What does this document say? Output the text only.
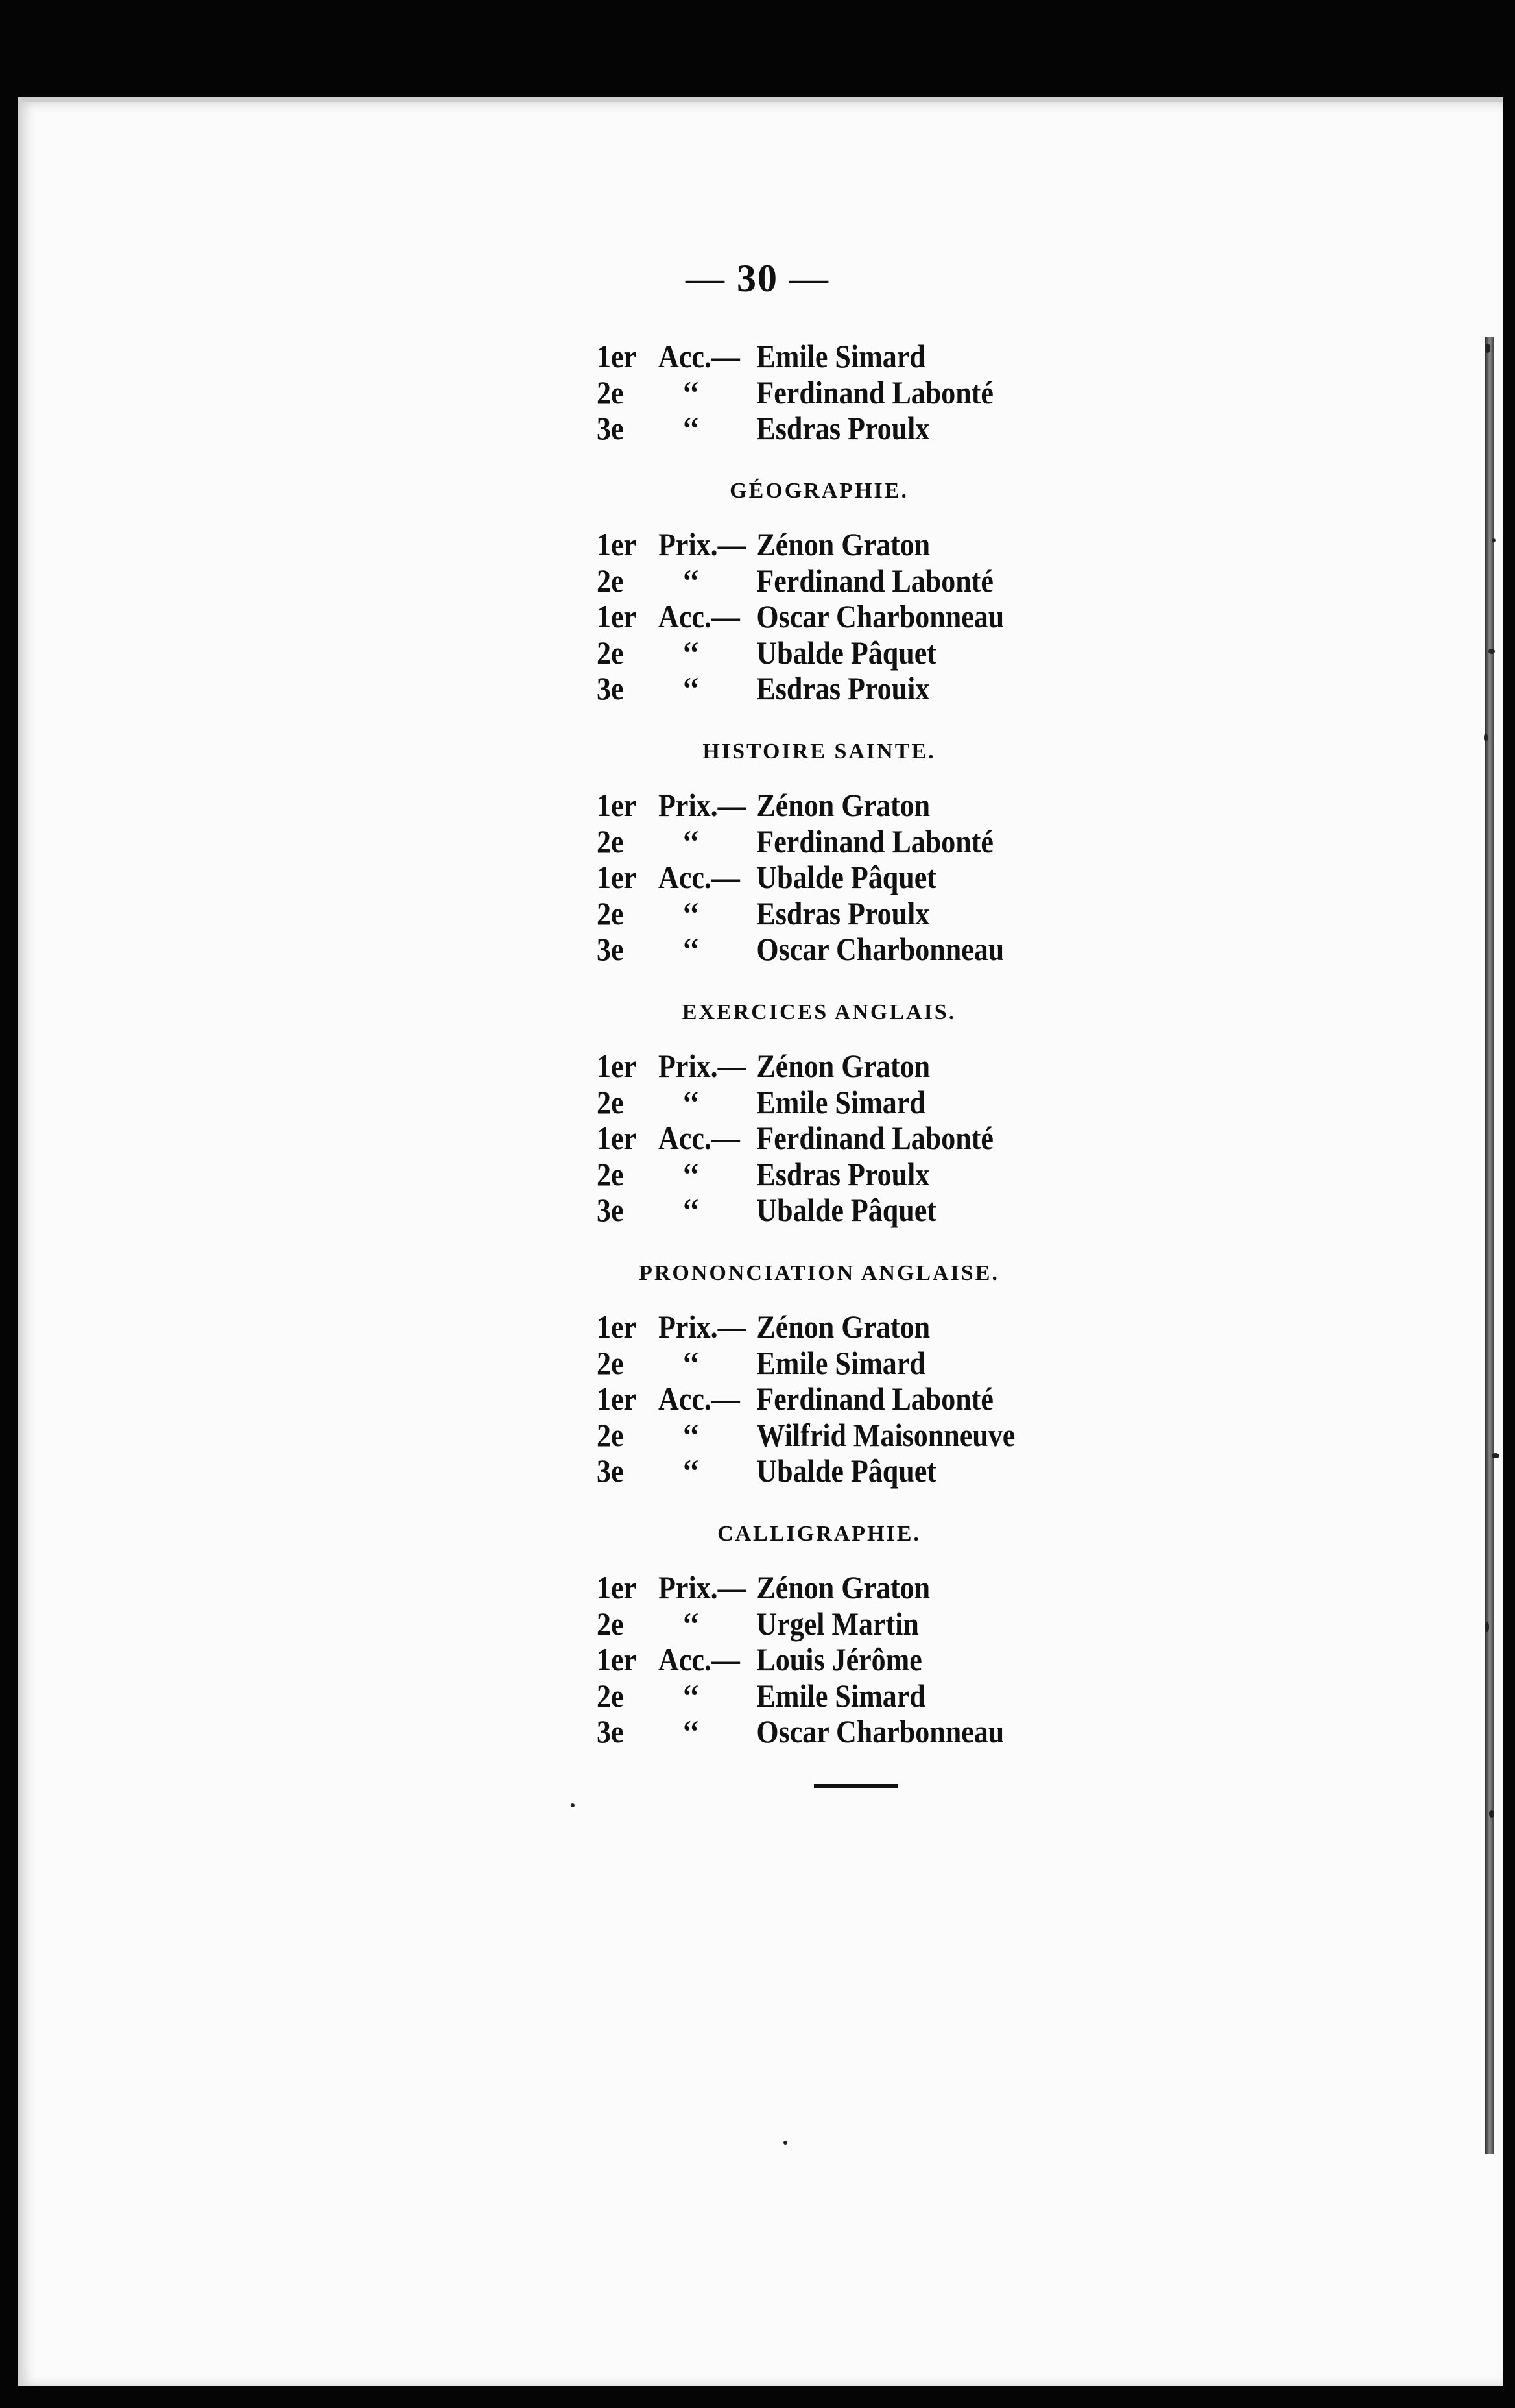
— 30 —
1er Acc.— Emile Simard
2e ‘‘ Ferdinand Labonté
3e ‘‘ Esdras Proulx
GÉOGRAPHIE.
1er Prix.— Zénon Graton
2e ‘‘ Ferdinand Labonté
1er Acc.— Oscar Charbonneau
2e ‘‘ Ubalde Pâquet
3e ‘‘ Esdras Prouix
HISTOIRE SAINTE.
1er Prix.— Zénon Graton
2e ‘‘ Ferdinand Labonté
1er Acc.— Ubalde Pâquet
2e ‘‘ Esdras Proulx
3e ‘‘ Oscar Charbonneau
EXERCICES ANGLAIS.
1er Prix.— Zénon Graton
2e ‘‘ Emile Simard
1er Acc.— Ferdinand Labonté
2e ‘‘ Esdras Proulx
3e ‘‘ Ubalde Pâquet
PRONONCIATION ANGLAISE.
1er Prix.— Zénon Graton
2e ‘‘ Emile Simard
1er Acc.— Ferdinand Labonté
2e ‘‘ Wilfrid Maisonneuve
3e ‘‘ Ubalde Pâquet
CALLIGRAPHIE.
1er Prix.— Zénon Graton
2e ‘‘ Urgel Martin
1er Acc.— Louis Jérôme
2e ‘‘ Emile Simard
3e ‘‘ Oscar Charbonneau
